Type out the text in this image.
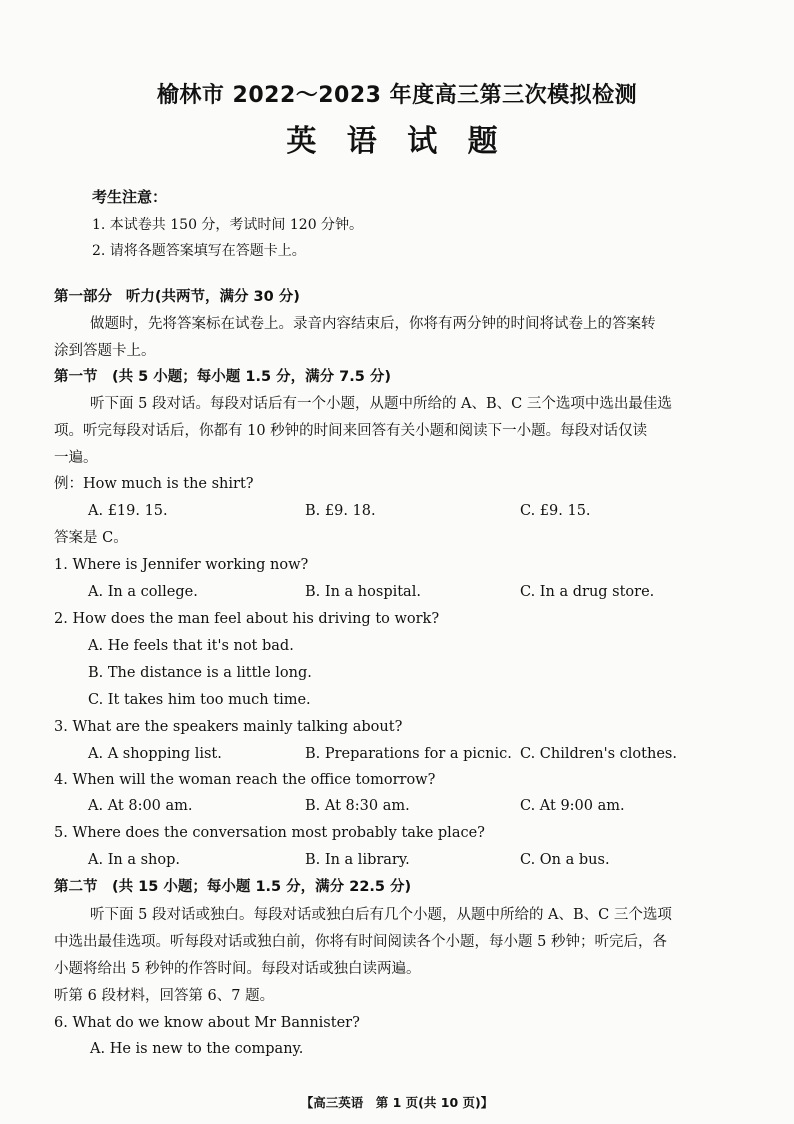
榆林市 2022～2023 年度高三第三次模拟检测
英 语 试 题
考生注意：
1. 本试卷共 150 分，考试时间 120 分钟。
2. 请将各题答案填写在答题卡上。
第一部分 听力(共两节，满分 30 分)
做题时，先将答案标在试卷上。录音内容结束后，你将有两分钟的时间将试卷上的答案转
涂到答题卡上。
第一节　(共 5 小题；每小题 1.5 分，满分 7.5 分)
听下面 5 段对话。每段对话后有一个小题，从题中所给的 A、B、C 三个选项中选出最佳选
项。听完每段对话后，你都有 10 秒钟的时间来回答有关小题和阅读下一小题。每段对话仅读
一遍。
例：How much is the shirt?
A. £19. 15.	B. £9. 18.	C. £9. 15.
答案是 C。
1. Where is Jennifer working now?
A. In a college.	B. In a hospital.	C. In a drug store.
2. How does the man feel about his driving to work?
A. He feels that it's not bad.
B. The distance is a little long.
C. It takes him too much time.
3. What are the speakers mainly talking about?
A. A shopping list.	B. Preparations for a picnic. C. Children's clothes.
4. When will the woman reach the office tomorrow?
A. At 8:00 am.	B. At 8:30 am.	C. At 9:00 am.
5. Where does the conversation most probably take place?
A. In a shop.	B. In a library.	C. On a bus.
第二节　(共 15 小题；每小题 1.5 分，满分 22.5 分)
听下面 5 段对话或独白。每段对话或独白后有几个小题，从题中所给的 A、B、C 三个选项
中选出最佳选项。听每段对话或独白前，你将有时间阅读各个小题，每小题 5 秒钟；听完后，各
小题将给出 5 秒钟的作答时间。每段对话或独白读两遍。
听第 6 段材料，回答第 6、7 题。
6. What do we know about Mr Bannister?
A. He is new to the company.
【高三英语　第 1 页(共 10 页)】
